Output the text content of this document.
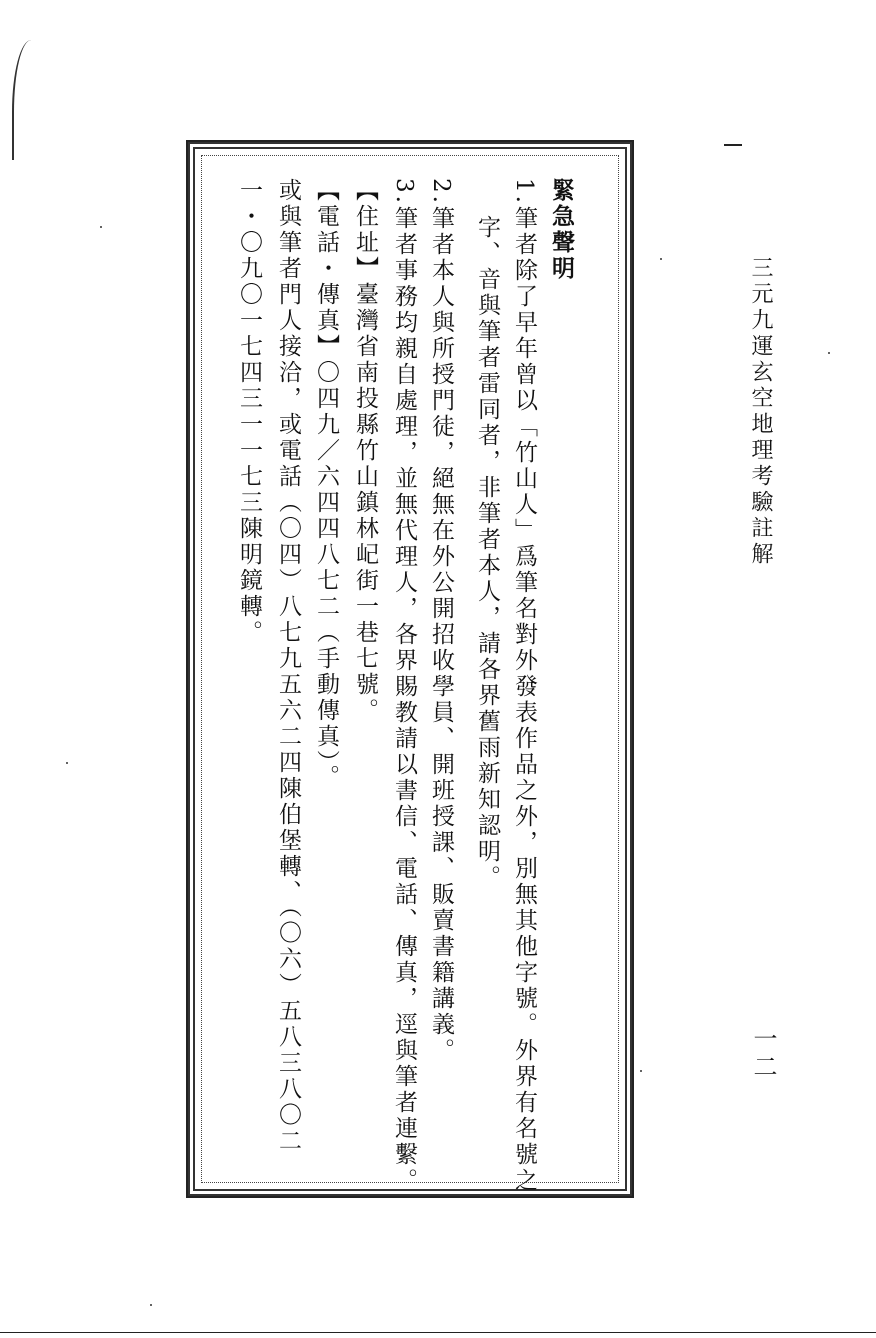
緊急聲明
1.筆者除了早年曾以「竹山人」爲筆名對外發表作品之外，別無其他字號。外界有名號之
字、音與筆者雷同者，非筆者本人，請各界舊雨新知認明。
2.筆者本人與所授門徒，絕無在外公開招收學員、開班授課、販賣書籍講義。
3.筆者事務均親自處理，並無代理人，各界賜教請以書信、電話、傳真，逕與筆者連繫。
【住址】臺灣省南投縣竹山鎮林屺街一巷七號。
【電話・傳真】〇四九／六四四八七二（手動傳真）。
或與筆者門人接洽，或電話（〇四）八七九五六二四陳伯堡轉、（〇六）五八三八〇二
一・〇九〇一七四三一一七三陳明鏡轉。	三元九運玄空地理考驗註解
一二
